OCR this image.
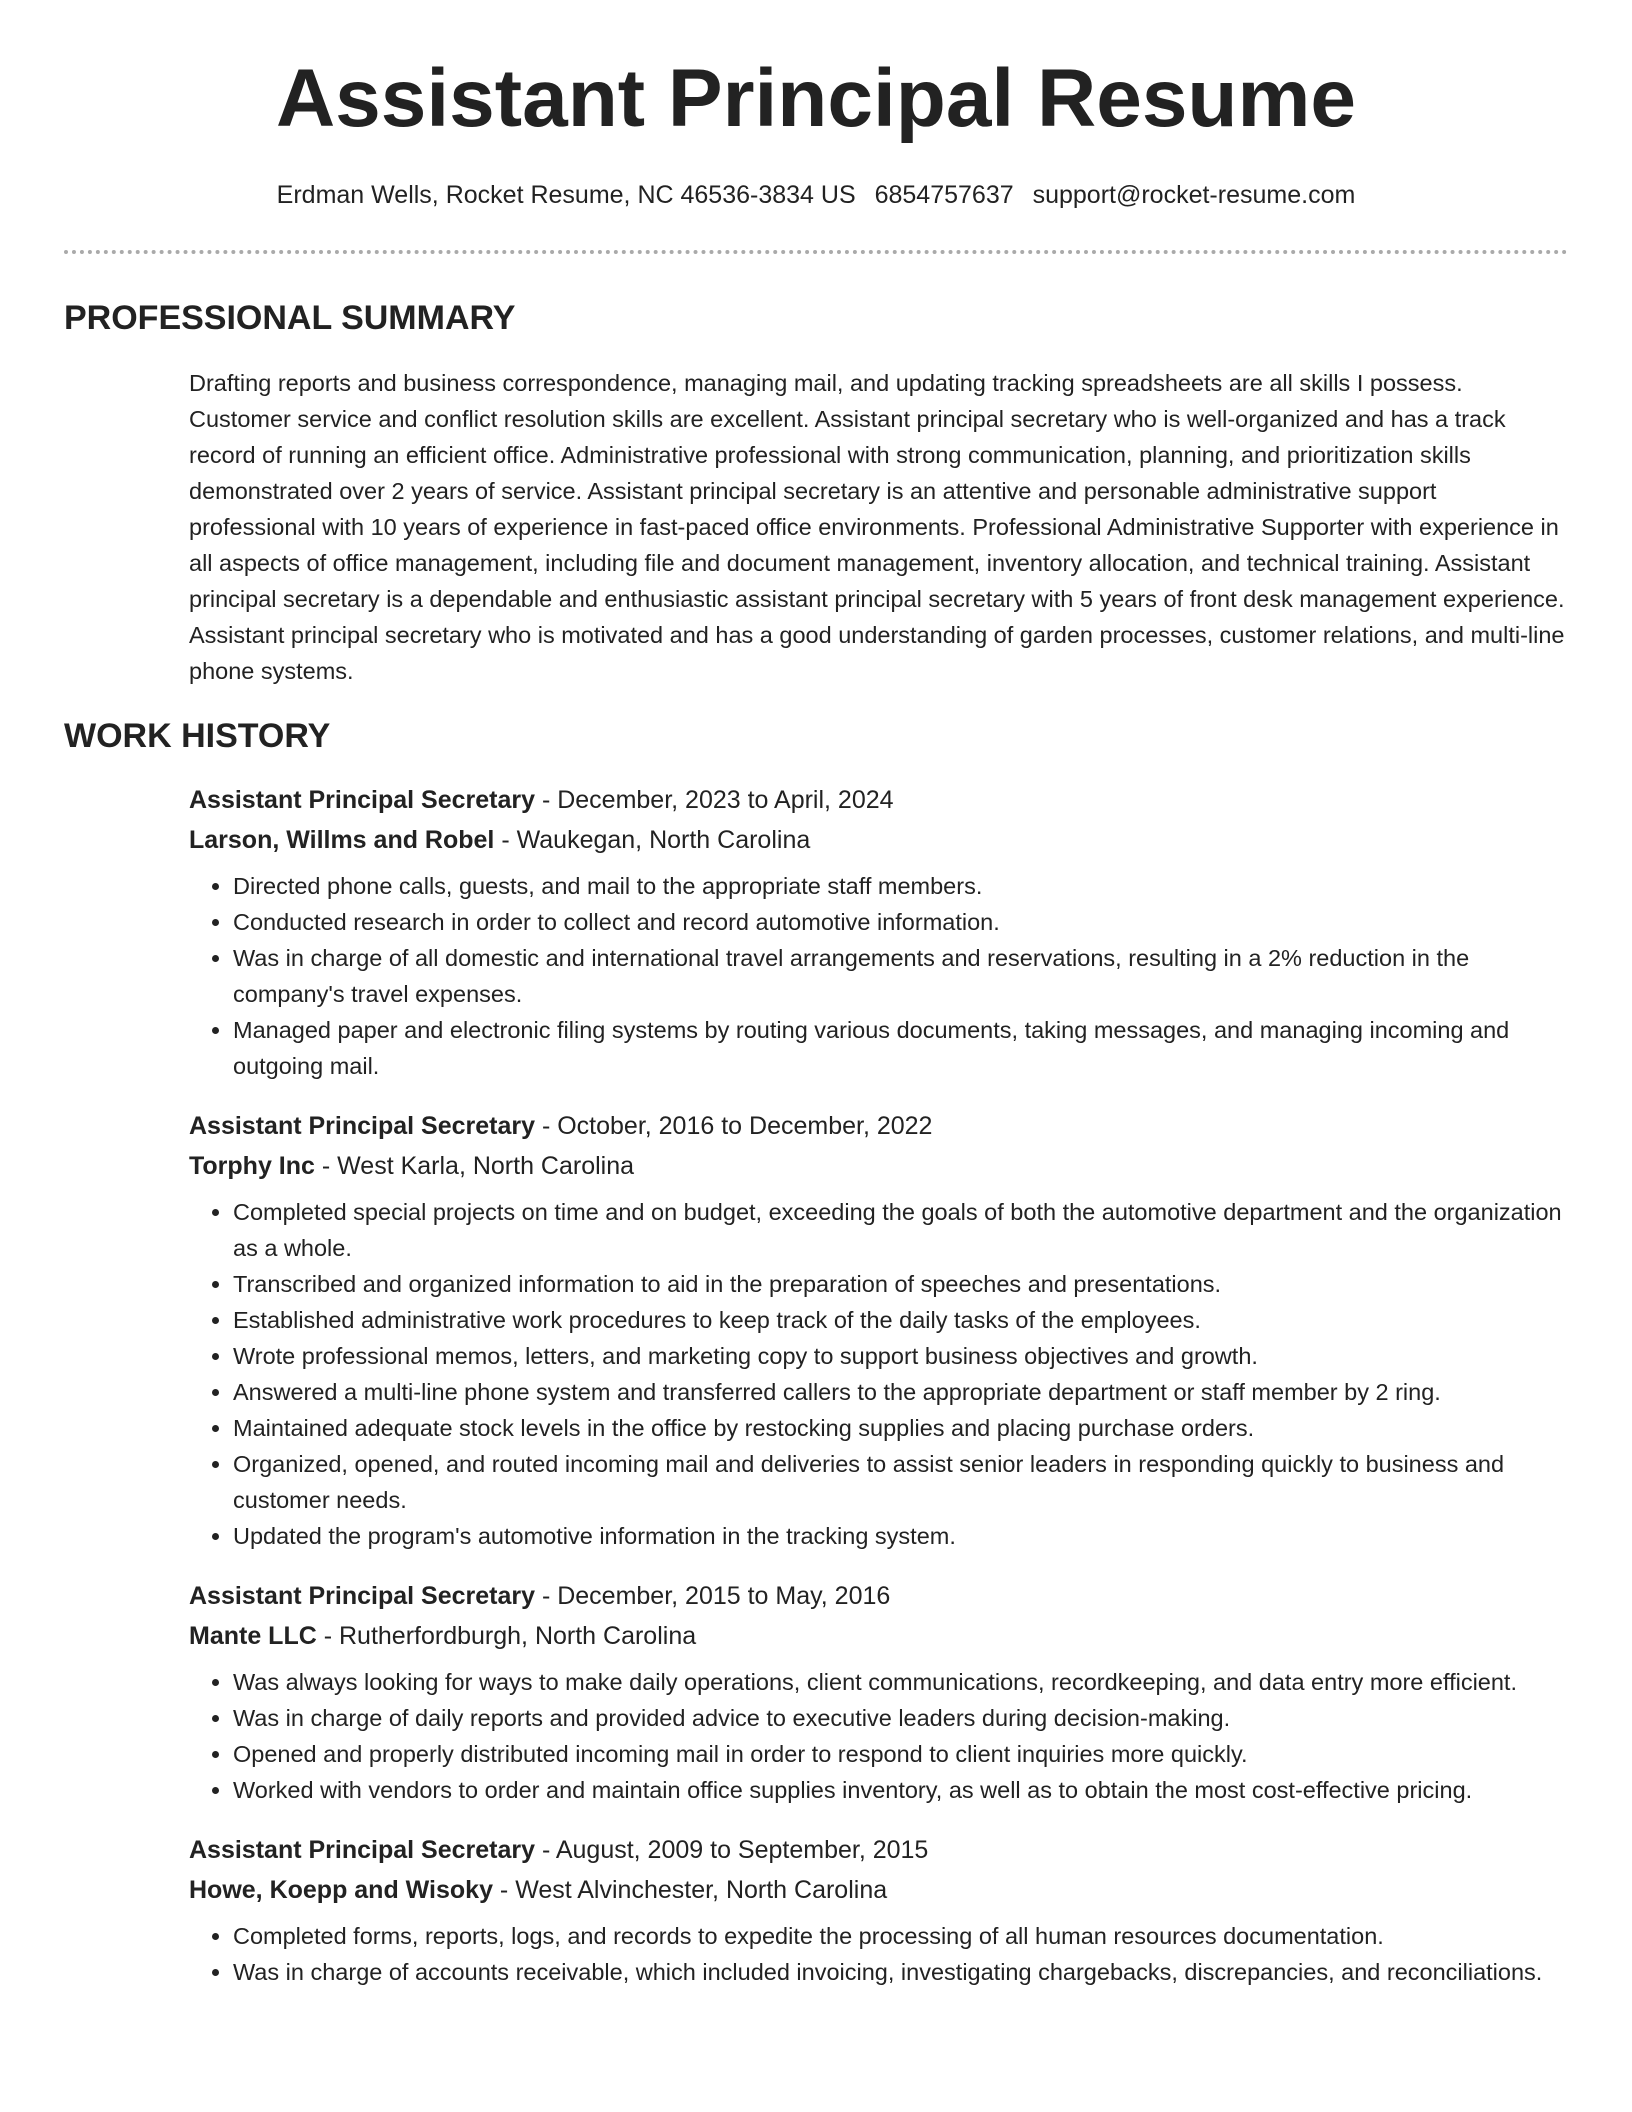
Assistant Principal Resume
Erdman Wells, Rocket Resume, NC 46536-3834 US 6854757637 support@rocket-resume.com
PROFESSIONAL SUMMARY

Drafting reports and business correspondence, managing mail, and updating tracking spreadsheets are all skills I possess. Customer service and conflict resolution skills are excellent. Assistant principal secretary who is well-organized and has a track record of running an efficient office. Administrative professional with strong communication, planning, and prioritization skills demonstrated over 2 years of service. Assistant principal secretary is an attentive and personable administrative support professional with 10 years of experience in fast-paced office environments. Professional Administrative Supporter with experience in all aspects of office management, including file and document management, inventory allocation, and technical training. Assistant principal secretary is a dependable and enthusiastic assistant principal secretary with 5 years of front desk management experience. Assistant principal secretary who is motivated and has a good understanding of garden processes, customer relations, and multi-line phone systems.

WORK HISTORY
Assistant Principal Secretary - December, 2023 to April, 2024
Larson, Willms and Robel - Waukegan, North Carolina
• Directed phone calls, guests, and mail to the appropriate staff members.
• Conducted research in order to collect and record automotive information.
• Was in charge of all domestic and international travel arrangements and reservations, resulting in a 2% reduction in the company's travel expenses.
• Managed paper and electronic filing systems by routing various documents, taking messages, and managing incoming and outgoing mail.
Assistant Principal Secretary - October, 2016 to December, 2022
Torphy Inc - West Karla, North Carolina
• Completed special projects on time and on budget, exceeding the goals of both the automotive department and the organization as a whole.
• Transcribed and organized information to aid in the preparation of speeches and presentations.
• Established administrative work procedures to keep track of the daily tasks of the employees.
• Wrote professional memos, letters, and marketing copy to support business objectives and growth.
• Answered a multi-line phone system and transferred callers to the appropriate department or staff member by 2 ring.
• Maintained adequate stock levels in the office by restocking supplies and placing purchase orders.
• Organized, opened, and routed incoming mail and deliveries to assist senior leaders in responding quickly to business and customer needs.
• Updated the program's automotive information in the tracking system.
Assistant Principal Secretary - December, 2015 to May, 2016
Mante LLC - Rutherfordburgh, North Carolina
• Was always looking for ways to make daily operations, client communications, recordkeeping, and data entry more efficient.
• Was in charge of daily reports and provided advice to executive leaders during decision-making.
• Opened and properly distributed incoming mail in order to respond to client inquiries more quickly.
• Worked with vendors to order and maintain office supplies inventory, as well as to obtain the most cost-effective pricing.
Assistant Principal Secretary - August, 2009 to September, 2015
Howe, Koepp and Wisoky - West Alvinchester, North Carolina
• Completed forms, reports, logs, and records to expedite the processing of all human resources documentation.
• Was in charge of accounts receivable, which included invoicing, investigating chargebacks, discrepancies, and reconciliations.
